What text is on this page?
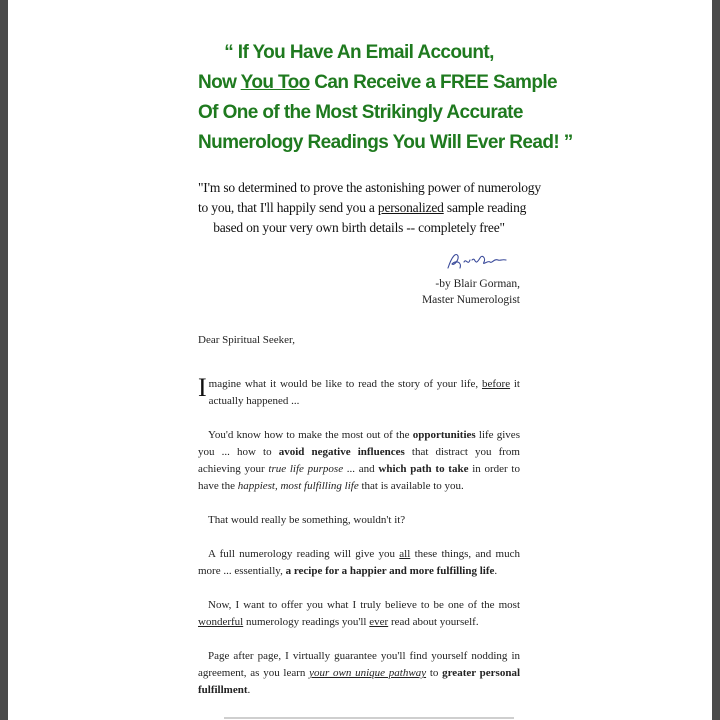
“ If You Have An Email Account,
Now You Too Can Receive a FREE Sample
Of One of the Most Strikingly Accurate
Numerology Readings You Will Ever Read! ”
"I'm so determined to prove the astonishing power of numerology
to you, that I'll happily send you a personalized sample reading
based on your very own birth details -- completely free"
-by Blair Gorman,
Master Numerologist

Dear Spiritual Seeker,

Imagine what it would be like to read the story of your life, before it actually happened ...

You'd know how to make the most out of the opportunities life gives you ... how to avoid negative influences that distract you from achieving your true life purpose ... and which path to take in order to have the happiest, most fulfilling life that is available to you.

That would really be something, wouldn't it?

A full numerology reading will give you all these things, and much more ... essentially, a recipe for a happier and more fulfilling life.

Now, I want to offer you what I truly believe to be one of the most wonderful numerology readings you'll ever read about yourself.

Page after page, I virtually guarantee you'll find yourself nodding in agreement, as you learn your own unique pathway to greater personal fulfillment.
